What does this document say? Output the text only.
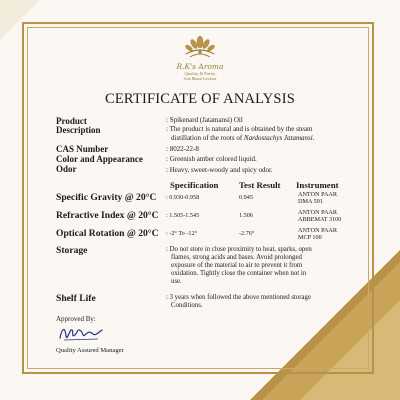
R.K's Aroma
Quality & Purity
from Bharat Lowkote
CERTIFICATE OF ANALYSIS
Product	: Spikenard (Jatamansi) Oil
Description	: The product is natural and is obtained by the steam
distillation of the roots of Nardostachys Jatamansi.
CAS Number	: 8022-22-8
Color and Appearance	: Greenish amber colored liquid.
Odor	: Heavy, sweet-woody and spicy odor.
Specification Test Result Instrument
Specific Gravity @ 20°C : 0.930-0.958	0.945	ANTON PAAR
DMA 501
Refractive Index @ 20°C : 1.505-1.545	1.506	ANTON PAAR
ABBEMAT 3100
Optical Rotation @ 20°C : -2° To -12°	-2.76°	ANTON PAAR
MCP 100
Storage	: Do not store in close proximity to heat, sparks, open
flames, strong acids and bases. Avoid prolonged
exposure of the material to air to prevent it from
oxidation. Tightly close the container when not in
use.
Shelf Life	: 3 years when followed the above mentioned storage
Conditions.
Approved By:
Quality Assured Manager
